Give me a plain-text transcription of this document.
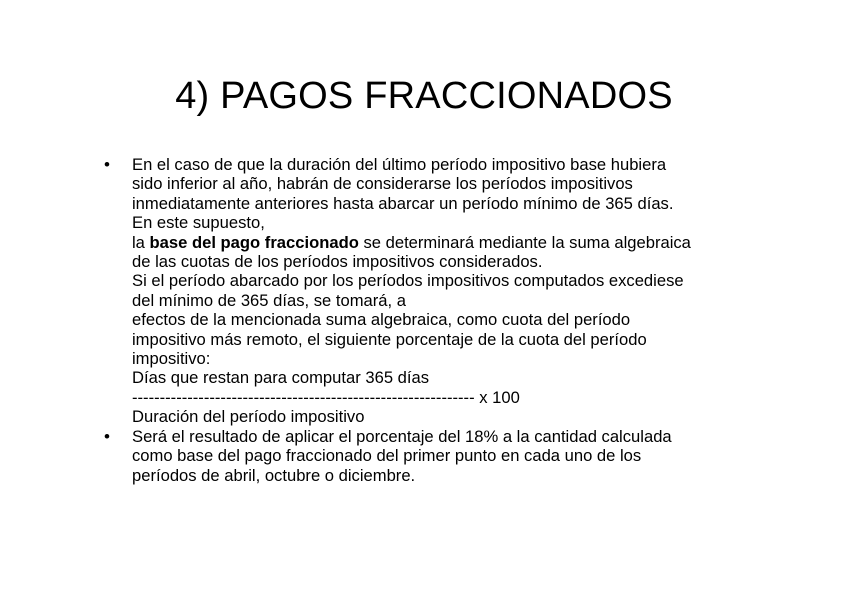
4) PAGOS FRACCIONADOS
• En el caso de que la duración del último período impositivo base hubiera
sido inferior al año, habrán de considerarse los períodos impositivos
inmediatamente anteriores hasta abarcar un período mínimo de 365 días.
En este supuesto,
la base del pago fraccionado se determinará mediante la suma algebraica
de las cuotas de los períodos impositivos considerados.
Si el período abarcado por los períodos impositivos computados excediese
del mínimo de 365 días, se tomará, a
efectos de la mencionada suma algebraica, como cuota del período
impositivo más remoto, el siguiente porcentaje de la cuota del período
impositivo:
Días que restan para computar 365 días
-------------------------------------------------------------- x 100
Duración del período impositivo
• Será el resultado de aplicar el porcentaje del 18% a la cantidad calculada
como base del pago fraccionado del primer punto en cada uno de los
períodos de abril, octubre o diciembre.
